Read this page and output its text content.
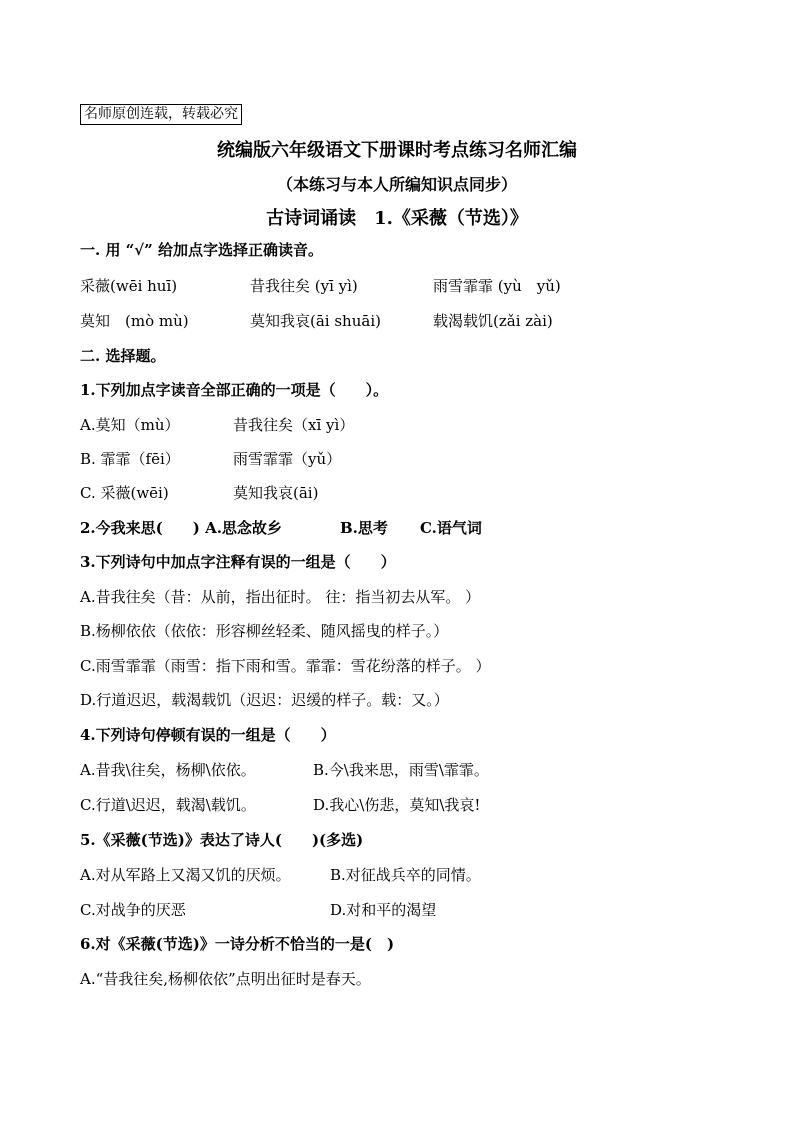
名师原创连载，转载必究
统编版六年级语文下册课时考点练习名师汇编
（本练习与本人所编知识点同步）
古诗词诵读　1.《采薇（节选）》
一. 用 “√” 给加点字选择正确读音。
采薇(wēi huī)	昔我往矣 (yī yì)	雨雪霏霏 (yù　yǔ)
莫知　(mò mù)	莫知我哀(āi shuāi)	载渴载饥(zǎi zài)
二. 选择题。
1.下列加点字读音全部正确的一项是（　　）。
A.莫知（mù）	昔我往矣（xī yì）
B. 霏霏（fēi）	雨雪霏霏（yǔ）
C. 采薇(wēi)	莫知我哀(āi)
2.今我来思(　　) A.思念故乡	B.思考 C.语气词
3.下列诗句中加点字注释有误的一组是（　　）
A.昔我往矣（昔：从前，指出征时。 往：指当初去从军。 ）
B.杨柳依依（依依：形容柳丝轻柔、随风摇曳的样子。）
C.雨雪霏霏（雨雪：指下雨和雪。霏霏：雪花纷落的样子。 ）
D.行道迟迟，载渴载饥（迟迟：迟缓的样子。载：又。）
4.下列诗句停顿有误的一组是（　　）
A.昔我\往矣，杨柳\依依。	B.今\我来思，雨雪\霏霏。
C.行道\迟迟，载渴\载饥。	D.我心\伤悲，莫知\我哀!
5.《采薇(节选)》表达了诗人(　　)(多选)
A.对从军路上又渴又饥的厌烦。	B.对征战兵卒的同情。
C.对战争的厌恶	D.对和平的渴望
6.对《采薇(节选)》一诗分析不恰当的一是(　)
A.“昔我往矣,杨柳依依”点明出征时是春天。
